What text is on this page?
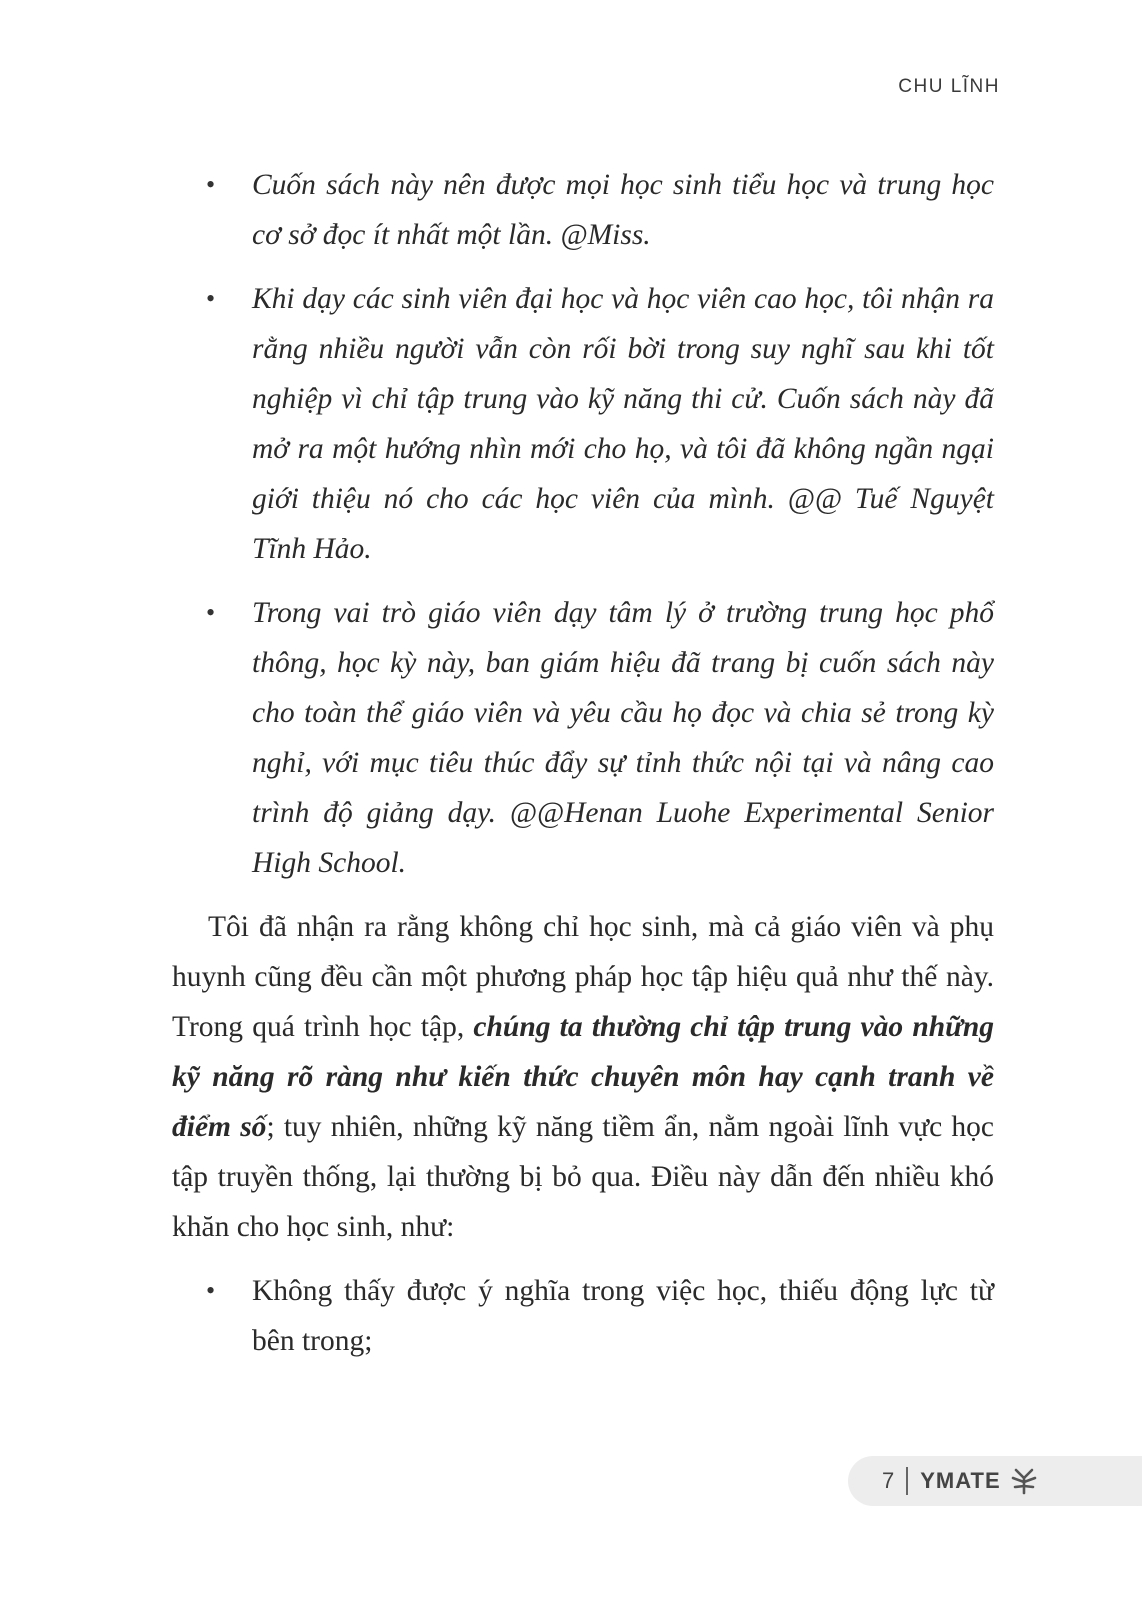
CHU LĨNH
• Cuốn sách này nên được mọi học sinh tiểu học và trung học cơ sở đọc ít nhất một lần. @Miss.
• Khi dạy các sinh viên đại học và học viên cao học, tôi nhận ra rằng nhiều người vẫn còn rối bời trong suy nghĩ sau khi tốt nghiệp vì chỉ tập trung vào kỹ năng thi cử. Cuốn sách này đã mở ra một hướng nhìn mới cho họ, và tôi đã không ngần ngại giới thiệu nó cho các học viên của mình. @@ Tuế Nguyệt Tĩnh Hảo.
• Trong vai trò giáo viên dạy tâm lý ở trường trung học phổ thông, học kỳ này, ban giám hiệu đã trang bị cuốn sách này cho toàn thể giáo viên và yêu cầu họ đọc và chia sẻ trong kỳ nghỉ, với mục tiêu thúc đẩy sự tỉnh thức nội tại và nâng cao trình độ giảng dạy. @@Henan Luohe Experimental Senior High School.

Tôi đã nhận ra rằng không chỉ học sinh, mà cả giáo viên và phụ huynh cũng đều cần một phương pháp học tập hiệu quả như thế này. Trong quá trình học tập, chúng ta thường chỉ tập trung vào những kỹ năng rõ ràng như kiến thức chuyên môn hay cạnh tranh về điểm số; tuy nhiên, những kỹ năng tiềm ẩn, nằm ngoài lĩnh vực học tập truyền thống, lại thường bị bỏ qua. Điều này dẫn đến nhiều khó khăn cho học sinh, như:

• Không thấy được ý nghĩa trong việc học, thiếu động lực từ bên trong;
7 YMATE
